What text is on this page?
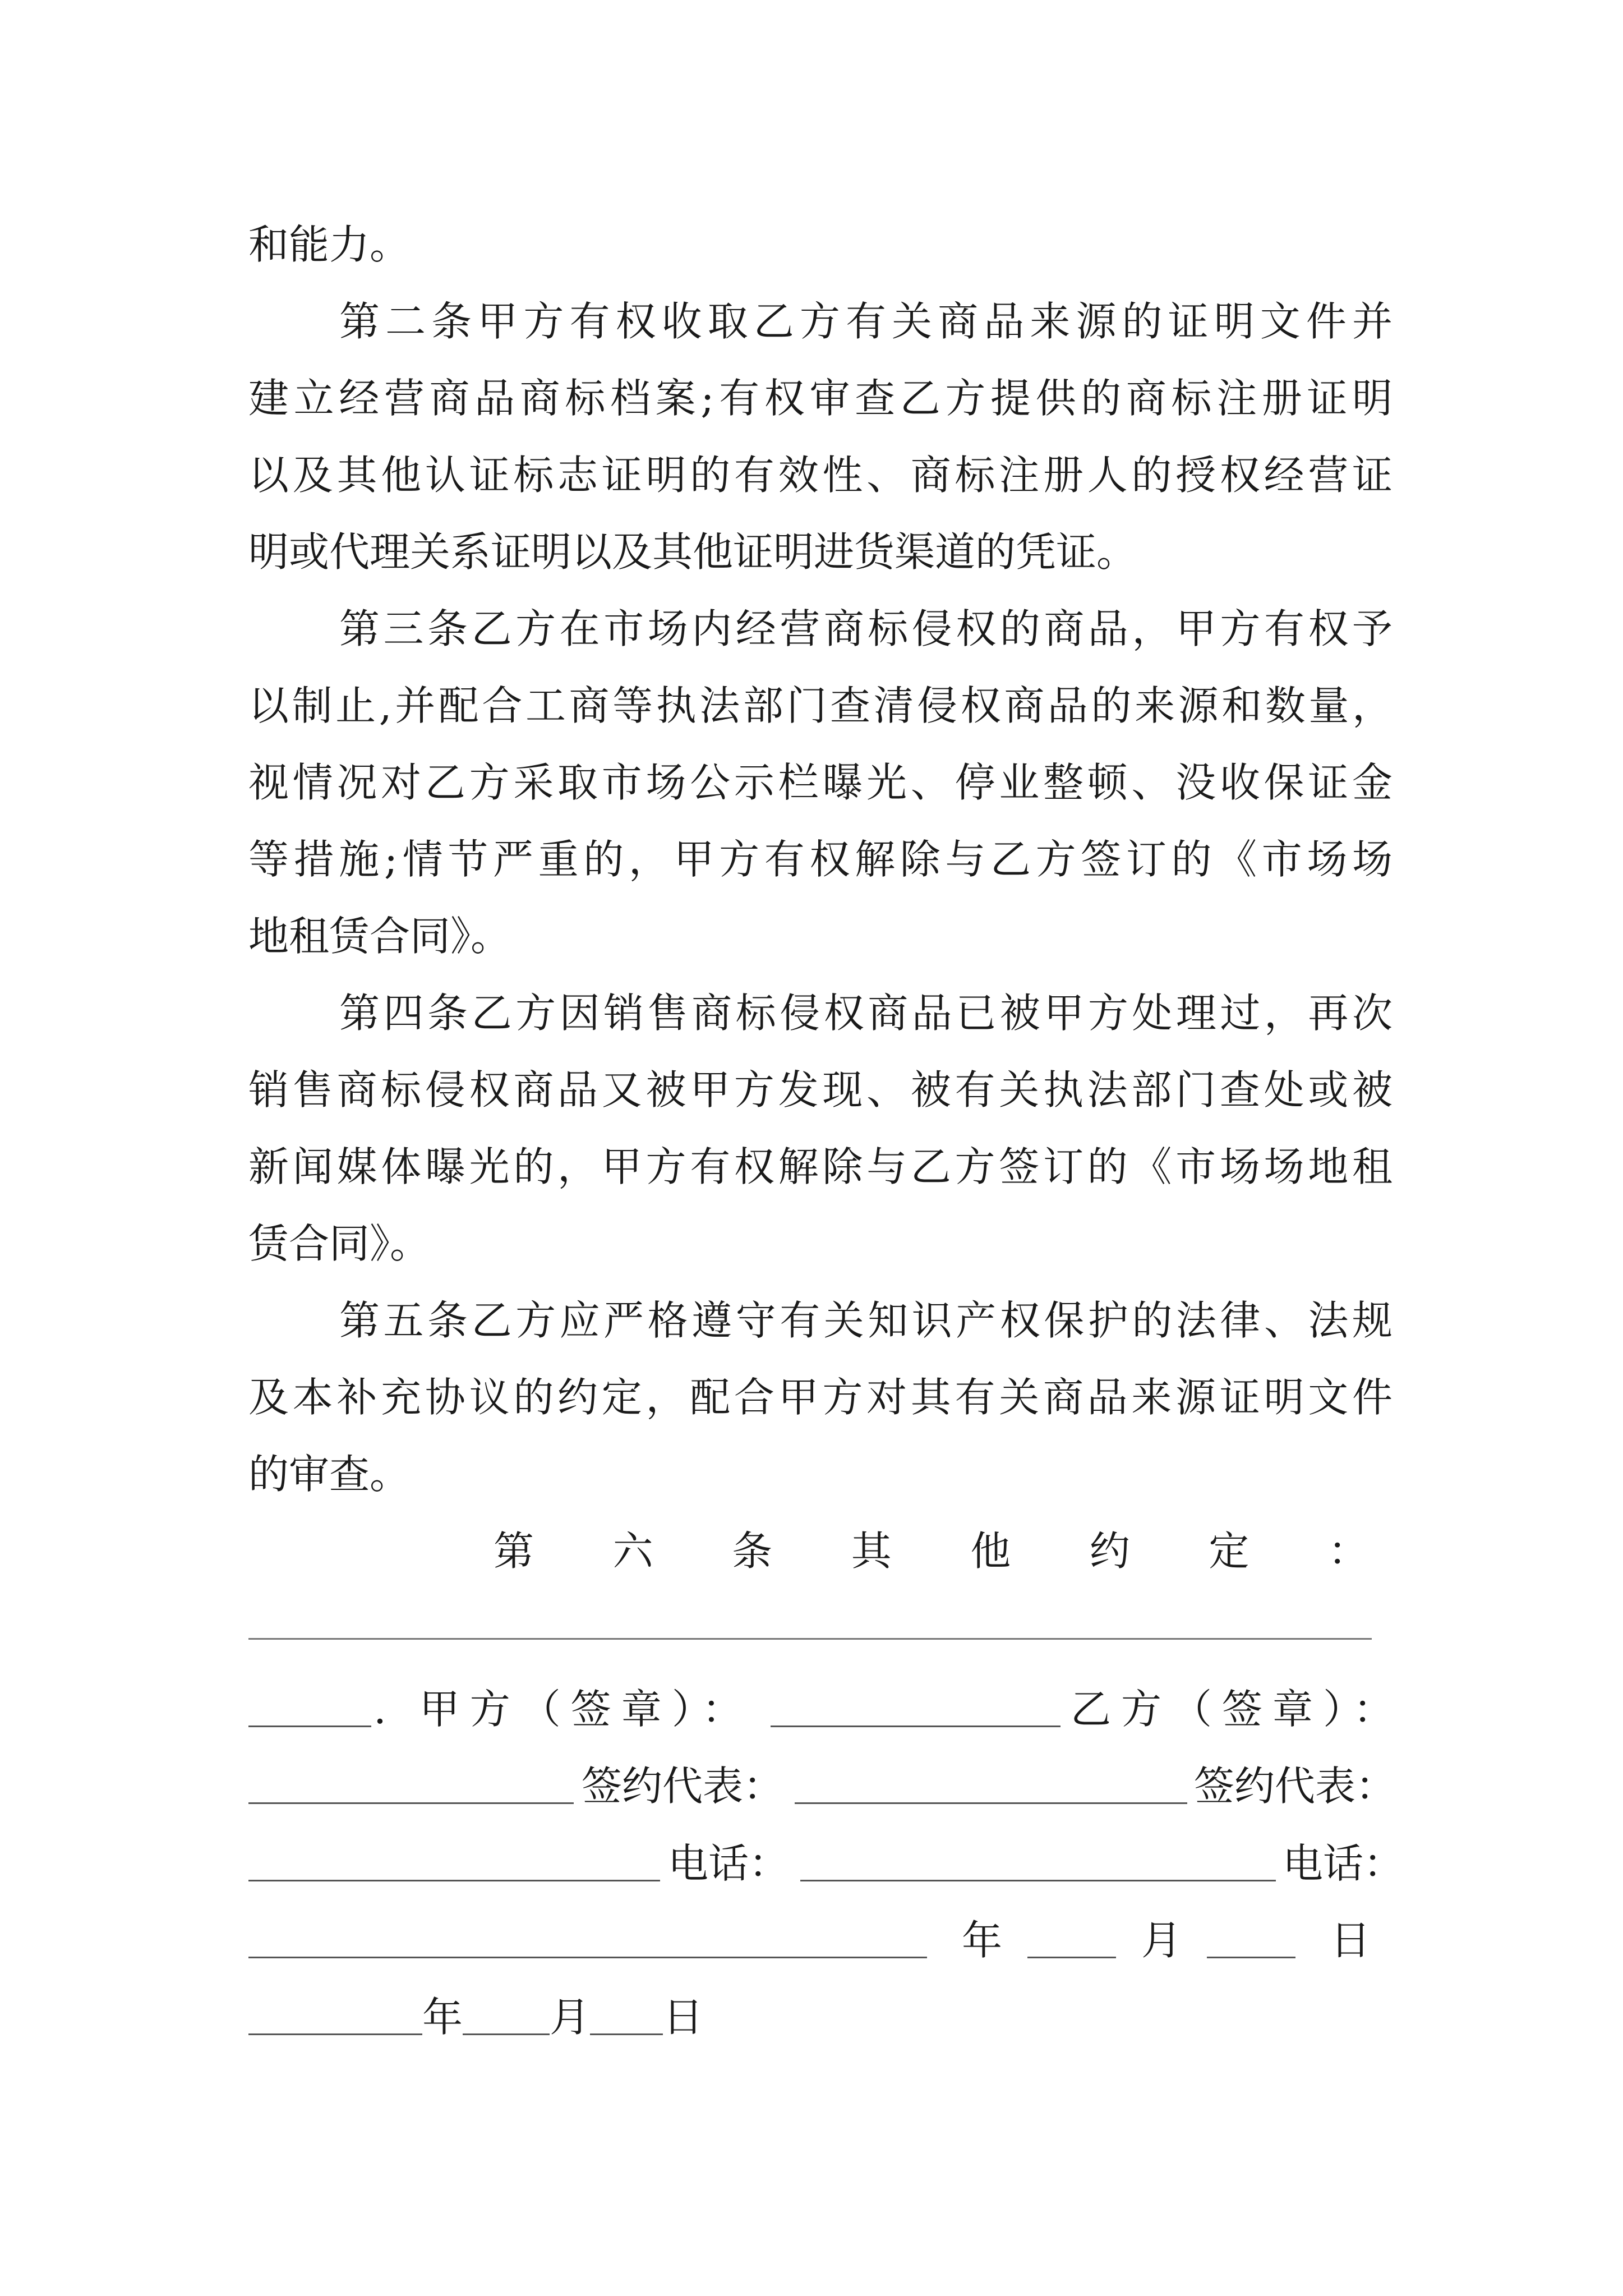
和能力。
第二条甲方有权收取乙方有关商品来源的证明文件并
建立经营商品商标档案;有权审查乙方提供的商标注册证明
以及其他认证标志证明的有效性、商标注册人的授权经营证
明或代理关系证明以及其他证明进货渠道的凭证。
第三条乙方在市场内经营商标侵权的商品，甲方有权予
以制止,并配合工商等执法部门查清侵权商品的来源和数量，
视情况对乙方采取市场公示栏曝光、停业整顿、没收保证金
等措施;情节严重的，甲方有权解除与乙方签订的《市场场
地租赁合同》。
第四条乙方因销售商标侵权商品已被甲方处理过，再次
销售商标侵权商品又被甲方发现、被有关执法部门查处或被
新闻媒体曝光的，甲方有权解除与乙方签订的《市场场地租
赁合同》。
第五条乙方应严格遵守有关知识产权保护的法律、法规
及本补充协议的约定，配合甲方对其有关商品来源证明文件
的审查。
第六条其他约定：
. 甲方（签章）：	乙方（签章）：
签约代表：	签约代表：
电话：	电话：
年	月	日
年 月 日
